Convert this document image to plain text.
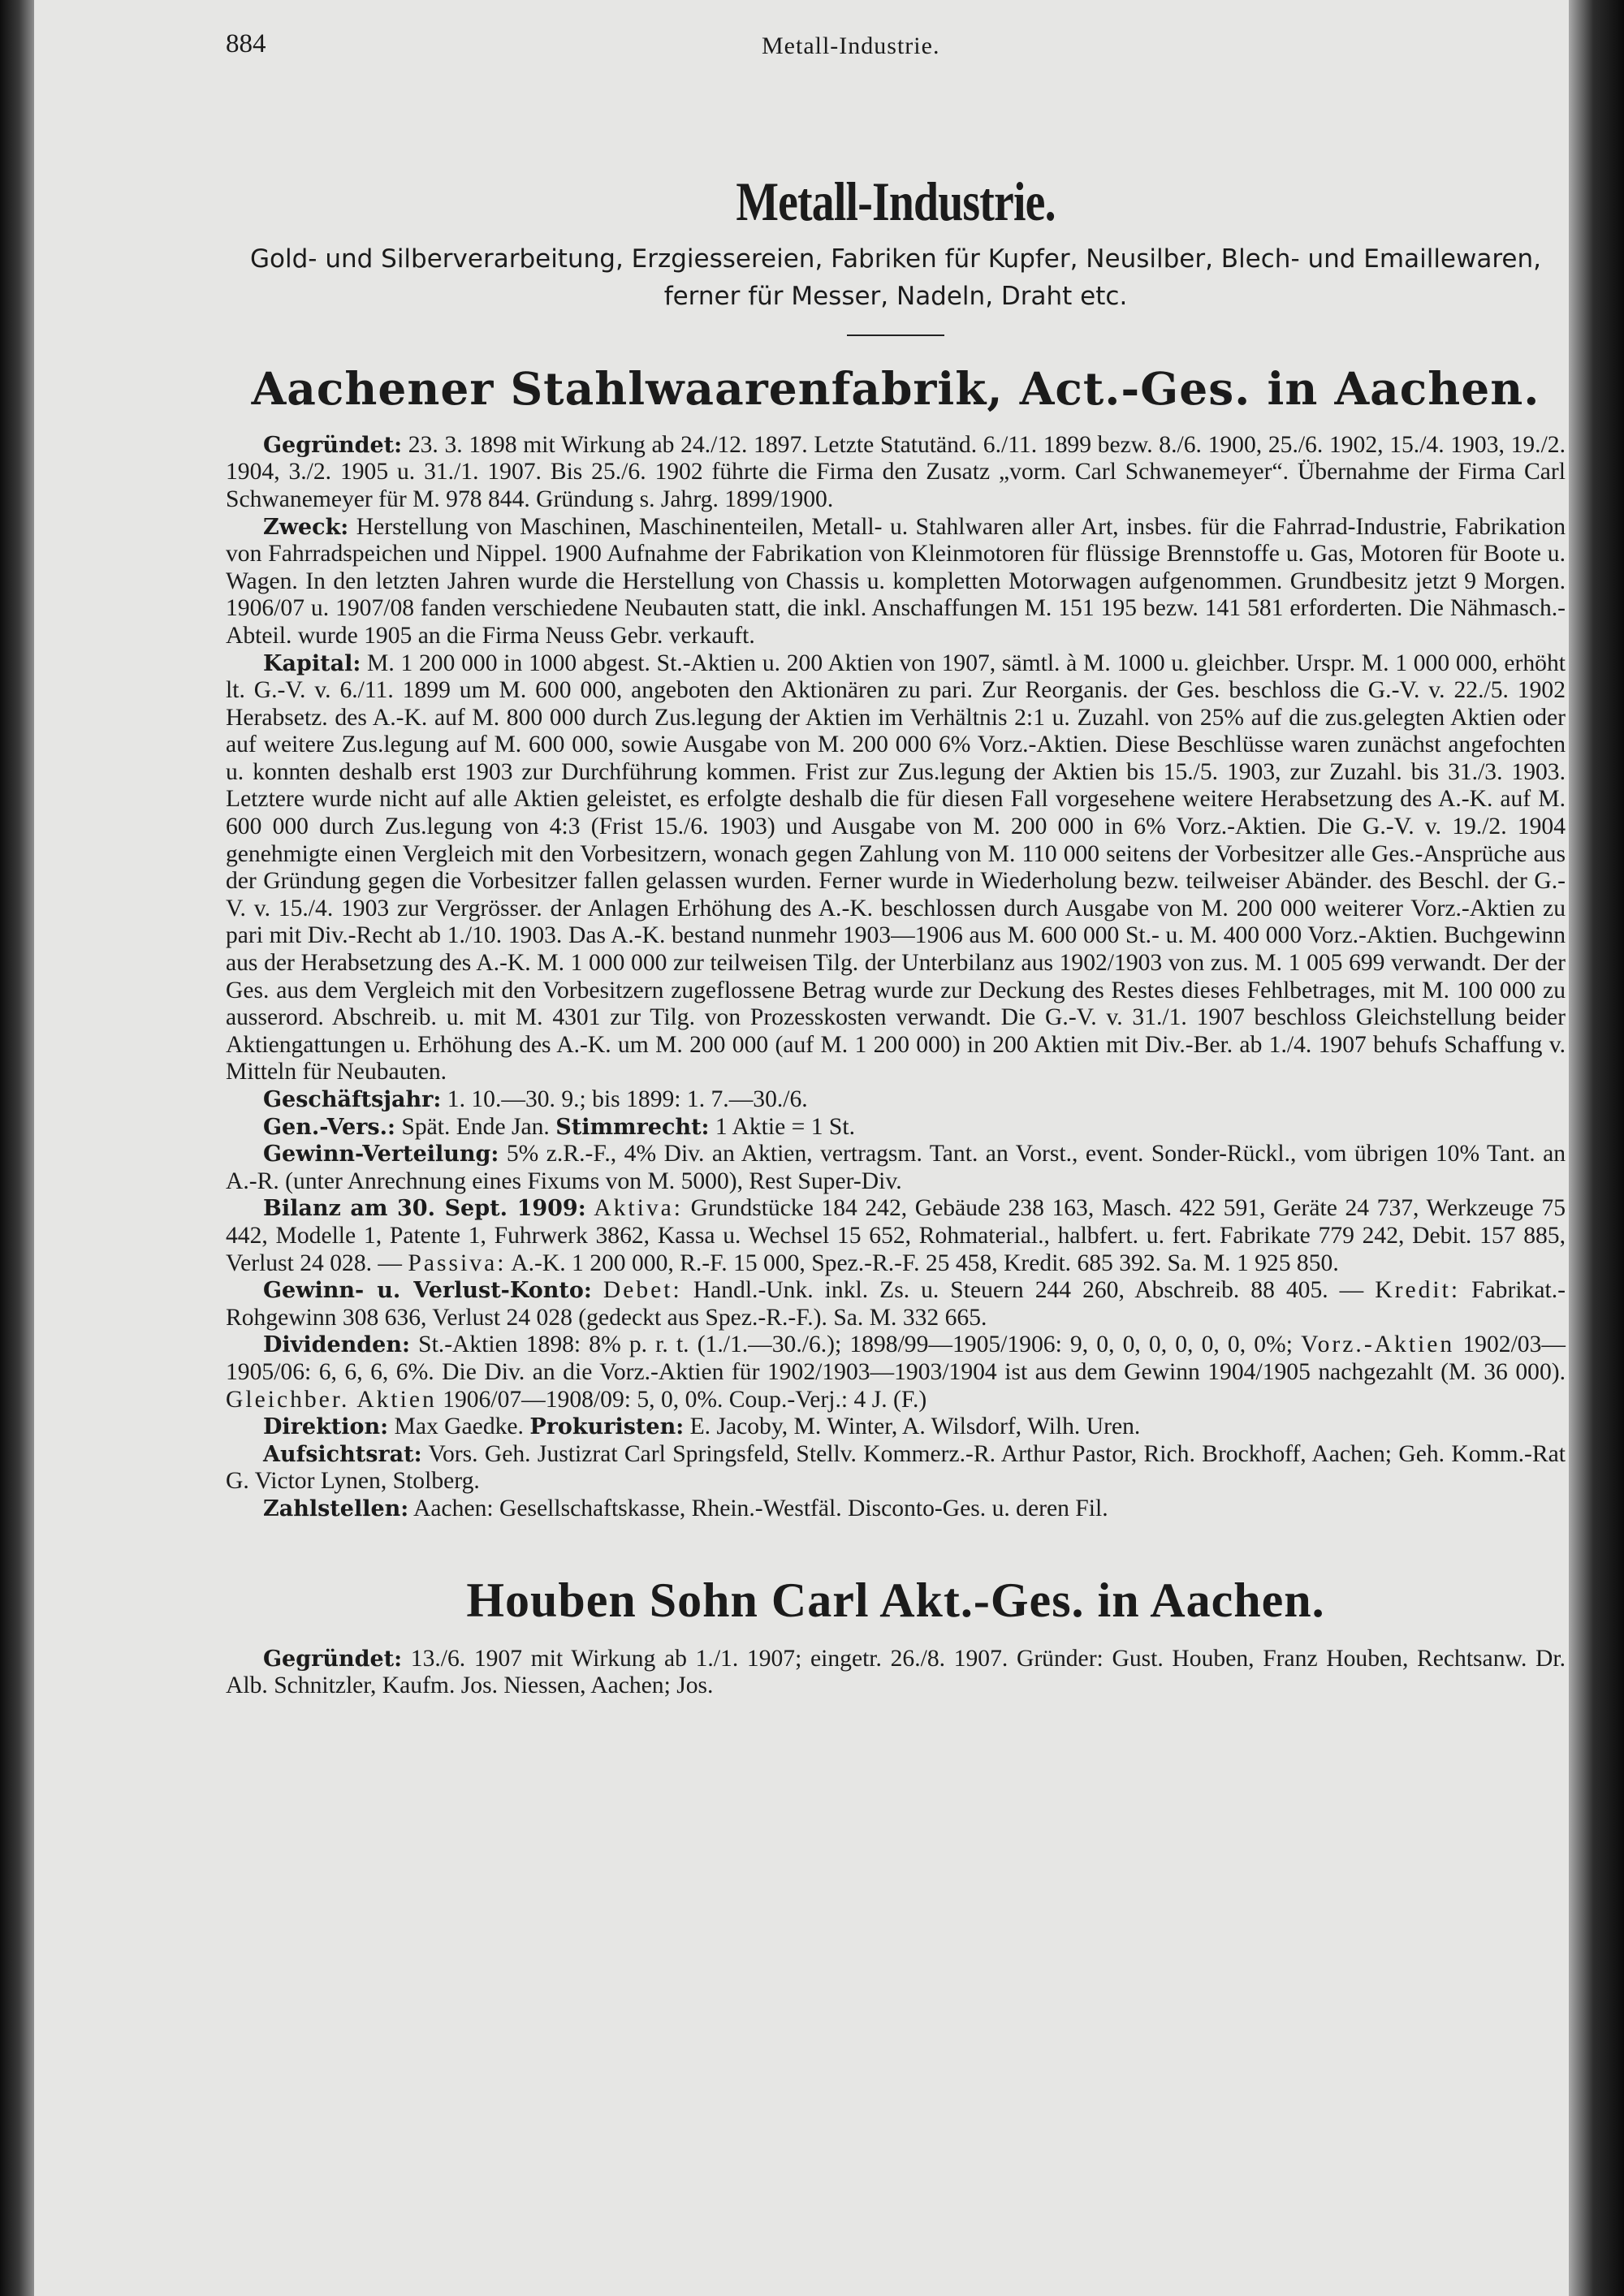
884	Metall-Industrie.
Metall-Industrie.
Gold- und Silberverarbeitung, Erzgiessereien, Fabriken für Kupfer, Neusilber, Blech- und Emaillewaren, ferner für Messer, Nadeln, Draht etc.
Aachener Stahlwaarenfabrik, Act.-Ges. in Aachen.

Gegründet: 23. 3. 1898 mit Wirkung ab 24./12. 1897. Letzte Statutänd. 6./11. 1899 bezw. 8./6. 1900, 25./6. 1902, 15./4. 1903, 19./2. 1904, 3./2. 1905 u. 31./1. 1907. Bis 25./6. 1902 führte die Firma den Zusatz „vorm. Carl Schwanemeyer“. Übernahme der Firma Carl Schwanemeyer für M. 978 844. Gründung s. Jahrg. 1899/1900.

Zweck: Herstellung von Maschinen, Maschinenteilen, Metall- u. Stahlwaren aller Art, insbes. für die Fahrrad-Industrie, Fabrikation von Fahrradspeichen und Nippel. 1900 Aufnahme der Fabrikation von Kleinmotoren für flüssige Brennstoffe u. Gas, Motoren für Boote u. Wagen. In den letzten Jahren wurde die Herstellung von Chassis u. kompletten Motorwagen aufgenommen. Grundbesitz jetzt 9 Morgen. 1906/07 u. 1907/08 fanden verschiedene Neubauten statt, die inkl. Anschaffungen M. 151 195 bezw. 141 581 erforderten. Die Nähmasch.-Abteil. wurde 1905 an die Firma Neuss Gebr. verkauft.

Kapital: M. 1 200 000 in 1000 abgest. St.-Aktien u. 200 Aktien von 1907, sämtl. à M. 1000 u. gleichber. Urspr. M. 1 000 000, erhöht lt. G.-V. v. 6./11. 1899 um M. 600 000, angeboten den Aktionären zu pari. Zur Reorganis. der Ges. beschloss die G.-V. v. 22./5. 1902 Herabsetz. des A.-K. auf M. 800 000 durch Zus.legung der Aktien im Verhältnis 2:1 u. Zuzahl. von 25% auf die zus.gelegten Aktien oder auf weitere Zus.legung auf M. 600 000, sowie Ausgabe von M. 200 000 6% Vorz.-Aktien. Diese Beschlüsse waren zunächst angefochten u. konnten deshalb erst 1903 zur Durchführung kommen. Frist zur Zus.legung der Aktien bis 15./5. 1903, zur Zuzahl. bis 31./3. 1903. Letztere wurde nicht auf alle Aktien geleistet, es erfolgte deshalb die für diesen Fall vorgesehene weitere Herabsetzung des A.-K. auf M. 600 000 durch Zus.legung von 4:3 (Frist 15./6. 1903) und Ausgabe von M. 200 000 in 6% Vorz.-Aktien. Die G.-V. v. 19./2. 1904 genehmigte einen Vergleich mit den Vorbesitzern, wonach gegen Zahlung von M. 110 000 seitens der Vorbesitzer alle Ges.-Ansprüche aus der Gründung gegen die Vorbesitzer fallen gelassen wurden. Ferner wurde in Wiederholung bezw. teilweiser Abänder. des Beschl. der G.-V. v. 15./4. 1903 zur Vergrösser. der Anlagen Erhöhung des A.-K. beschlossen durch Ausgabe von M. 200 000 weiterer Vorz.-Aktien zu pari mit Div.-Recht ab 1./10. 1903. Das A.-K. bestand nunmehr 1903—1906 aus M. 600 000 St.- u. M. 400 000 Vorz.-Aktien. Buchgewinn aus der Herabsetzung des A.-K. M. 1 000 000 zur teilweisen Tilg. der Unterbilanz aus 1902/1903 von zus. M. 1 005 699 verwandt. Der der Ges. aus dem Vergleich mit den Vorbesitzern zugeflossene Betrag wurde zur Deckung des Restes dieses Fehlbetrages, mit M. 100 000 zu ausserord. Abschreib. u. mit M. 4301 zur Tilg. von Prozesskosten verwandt. Die G.-V. v. 31./1. 1907 beschloss Gleichstellung beider Aktiengattungen u. Erhöhung des A.-K. um M. 200 000 (auf M. 1 200 000) in 200 Aktien mit Div.-Ber. ab 1./4. 1907 behufs Schaffung v. Mitteln für Neubauten.

Geschäftsjahr: 1. 10.—30. 9.; bis 1899: 1. 7.—30./6.

Gen.-Vers.: Spät. Ende Jan. Stimmrecht: 1 Aktie = 1 St.

Gewinn-Verteilung: 5% z.R.-F., 4% Div. an Aktien, vertragsm. Tant. an Vorst., event. Sonder-Rückl., vom übrigen 10% Tant. an A.-R. (unter Anrechnung eines Fixums von M. 5000), Rest Super-Div.

Bilanz am 30. Sept. 1909: Aktiva: Grundstücke 184 242, Gebäude 238 163, Masch. 422 591, Geräte 24 737, Werkzeuge 75 442, Modelle 1, Patente 1, Fuhrwerk 3862, Kassa u. Wechsel 15 652, Rohmaterial., halbfert. u. fert. Fabrikate 779 242, Debit. 157 885, Verlust 24 028. — Passiva: A.-K. 1 200 000, R.-F. 15 000, Spez.-R.-F. 25 458, Kredit. 685 392. Sa. M. 1 925 850.

Gewinn- u. Verlust-Konto: Debet: Handl.-Unk. inkl. Zs. u. Steuern 244 260, Abschreib. 88 405. — Kredit: Fabrikat.-Rohgewinn 308 636, Verlust 24 028 (gedeckt aus Spez.-R.-F.). Sa. M. 332 665.

Dividenden: St.-Aktien 1898: 8% p. r. t. (1./1.—30./6.); 1898/99—1905/1906: 9, 0, 0, 0, 0, 0, 0, 0%; Vorz.-Aktien 1902/03—1905/06: 6, 6, 6, 6%. Die Div. an die Vorz.-Aktien für 1902/1903—1903/1904 ist aus dem Gewinn 1904/1905 nachgezahlt (M. 36 000). Gleichber. Aktien 1906/07—1908/09: 5, 0, 0%. Coup.-Verj.: 4 J. (F.)

Direktion: Max Gaedke. Prokuristen: E. Jacoby, M. Winter, A. Wilsdorf, Wilh. Uren.

Aufsichtsrat: Vors. Geh. Justizrat Carl Springsfeld, Stellv. Kommerz.-R. Arthur Pastor, Rich. Brockhoff, Aachen; Geh. Komm.-Rat G. Victor Lynen, Stolberg.

Zahlstellen: Aachen: Gesellschaftskasse, Rhein.-Westfäl. Disconto-Ges. u. deren Fil.

Houben Sohn Carl Akt.-Ges. in Aachen.

Gegründet: 13./6. 1907 mit Wirkung ab 1./1. 1907; eingetr. 26./8. 1907. Gründer: Gust. Houben, Franz Houben, Rechtsanw. Dr. Alb. Schnitzler, Kaufm. Jos. Niessen, Aachen; Jos.
